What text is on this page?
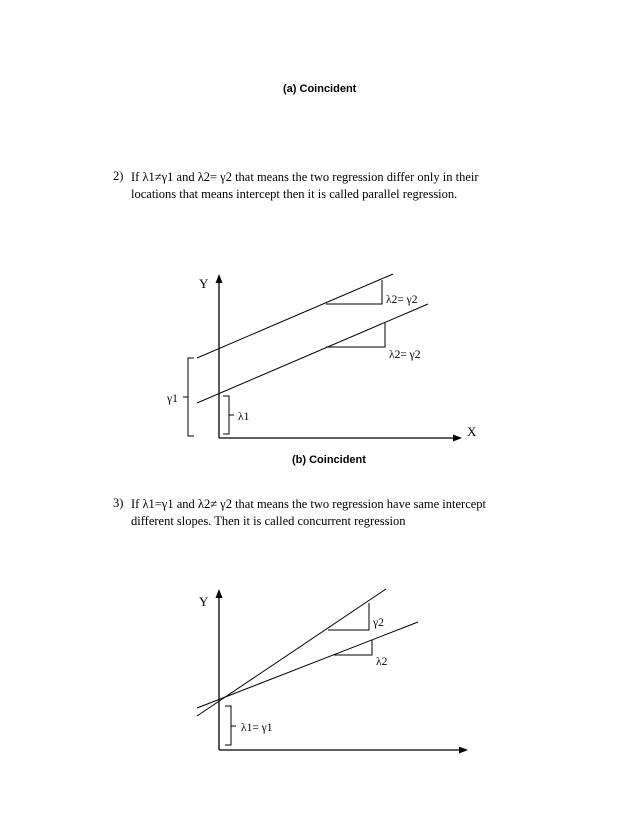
(a) Coincident
2) If λ1≠γ1 and λ2= γ2 that means the two regression differ only in their
locations that means intercept then it is called parallel regression.
Y
X
λ2= γ2
λ2= γ2
γ1
λ1
(b) Coincident
3) If λ1=γ1 and λ2≠ γ2 that means the two regression have same intercept
different slopes. Then it is called concurrent regression
Y
γ2
λ2
λ1= γ1
